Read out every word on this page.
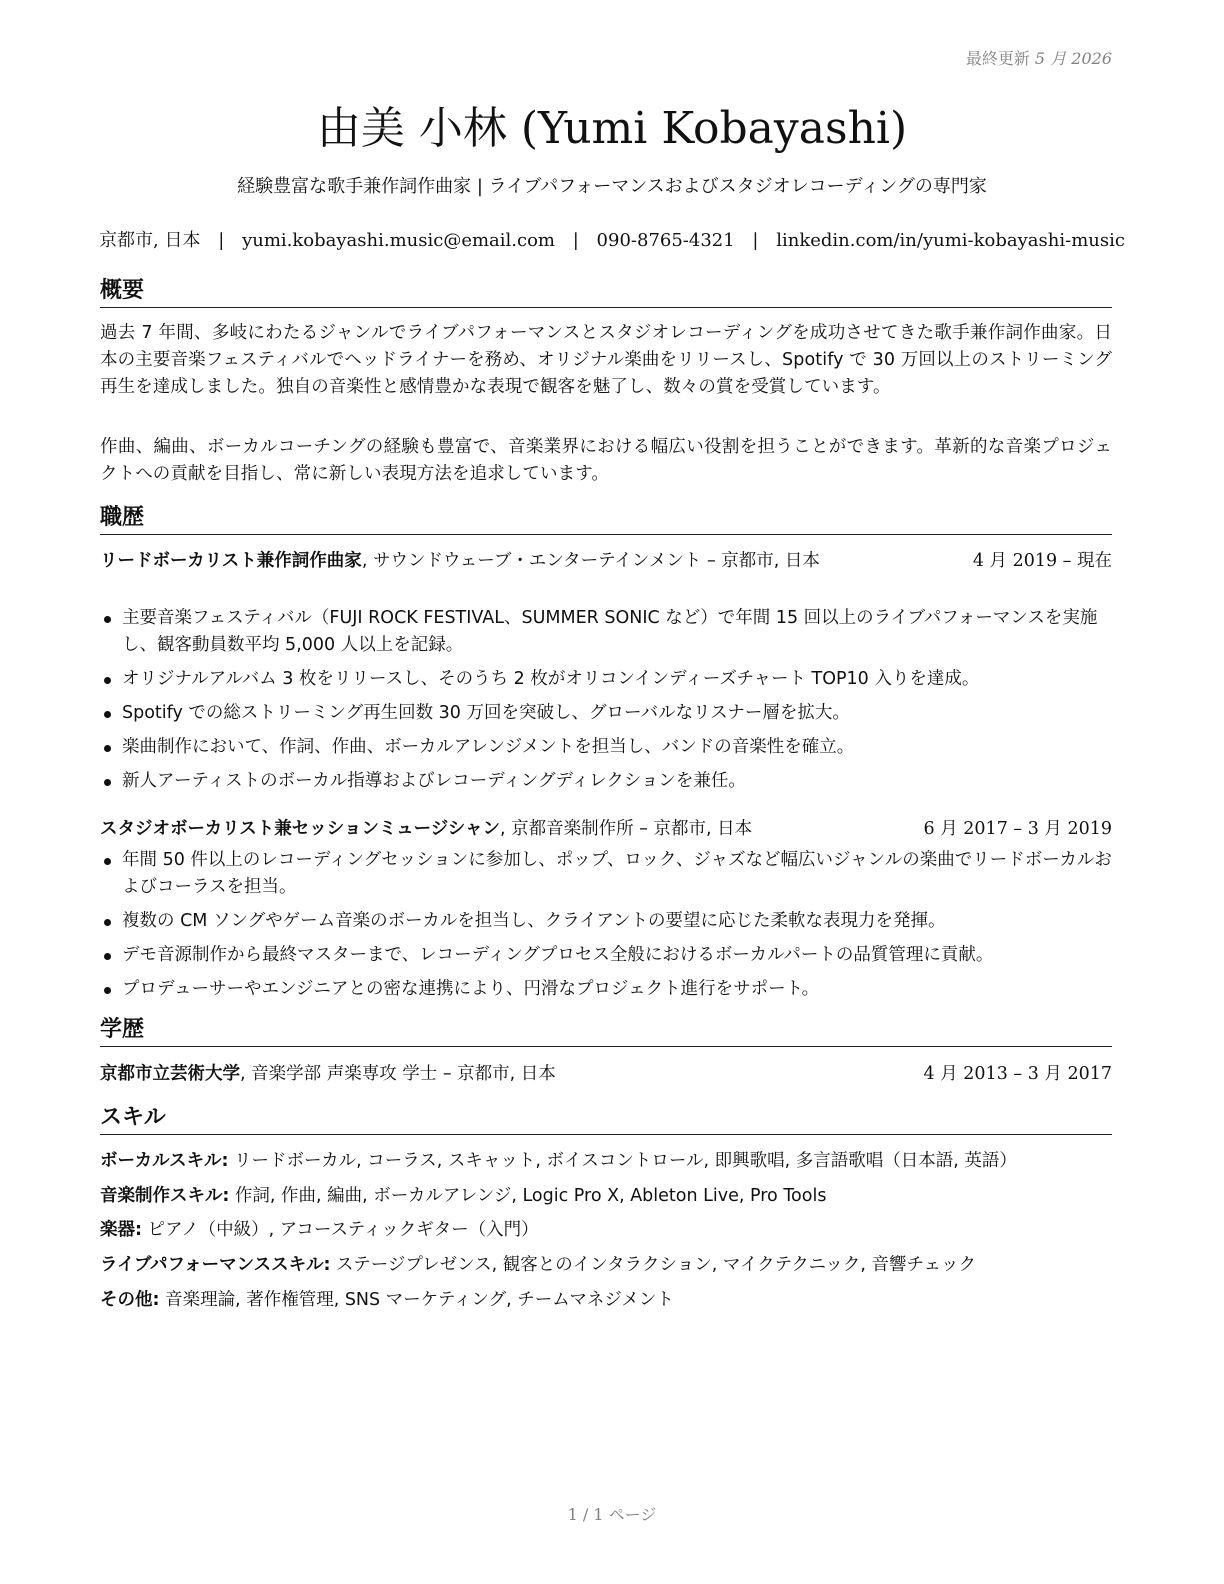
最終更新 5 月 2026
由美 小林 (Yumi Kobayashi)
経験豊富な歌手兼作詞作曲家 | ライブパフォーマンスおよびスタジオレコーディングの専門家
京都市, 日本 | yumi.kobayashi.music@email.com | 090-8765-4321 | linkedin.com/in/yumi-kobayashi-music
概要
過去 7 年間、多岐にわたるジャンルでライブパフォーマンスとスタジオレコーディングを成功させてきた歌手兼作詞作曲家。日本の主要音楽フェスティバルでヘッドライナーを務め、オリジナル楽曲をリリースし、Spotify で 30 万回以上のストリーミング再生を達成しました。独自の音楽性と感情豊かな表現で観客を魅了し、数々の賞を受賞しています。
作曲、編曲、ボーカルコーチングの経験も豊富で、音楽業界における幅広い役割を担うことができます。革新的な音楽プロジェクトへの貢献を目指し、常に新しい表現方法を追求しています。
職歴
リードボーカリスト兼作詞作曲家, サウンドウェーブ・エンターテインメント – 京都市, 日本	4 月 2019 – 現在
主要音楽フェスティバル（FUJI ROCK FESTIVAL、SUMMER SONIC など）で年間 15 回以上のライブパフォーマンスを実施し、観客動員数平均 5,000 人以上を記録。
オリジナルアルバム 3 枚をリリースし、そのうち 2 枚がオリコンインディーズチャート TOP10 入りを達成。
Spotify での総ストリーミング再生回数 30 万回を突破し、グローバルなリスナー層を拡大。
楽曲制作において、作詞、作曲、ボーカルアレンジメントを担当し、バンドの音楽性を確立。
新人アーティストのボーカル指導およびレコーディングディレクションを兼任。
スタジオボーカリスト兼セッションミュージシャン, 京都音楽制作所 – 京都市, 日本	6 月 2017 – 3 月 2019
年間 50 件以上のレコーディングセッションに参加し、ポップ、ロック、ジャズなど幅広いジャンルの楽曲でリードボーカルおよびコーラスを担当。
複数の CM ソングやゲーム音楽のボーカルを担当し、クライアントの要望に応じた柔軟な表現力を発揮。
デモ音源制作から最終マスターまで、レコーディングプロセス全般におけるボーカルパートの品質管理に貢献。
プロデューサーやエンジニアとの密な連携により、円滑なプロジェクト進行をサポート。
学歴
京都市立芸術大学, 音楽学部 声楽専攻 学士 – 京都市, 日本	4 月 2013 – 3 月 2017
スキル
ボーカルスキル: リードボーカル, コーラス, スキャット, ボイスコントロール, 即興歌唱, 多言語歌唱（日本語, 英語）
音楽制作スキル: 作詞, 作曲, 編曲, ボーカルアレンジ, Logic Pro X, Ableton Live, Pro Tools
楽器: ピアノ（中級）, アコースティックギター（入門）
ライブパフォーマンススキル: ステージプレゼンス, 観客とのインタラクション, マイクテクニック, 音響チェック
その他: 音楽理論, 著作権管理, SNS マーケティング, チームマネジメント
1 / 1 ページ
